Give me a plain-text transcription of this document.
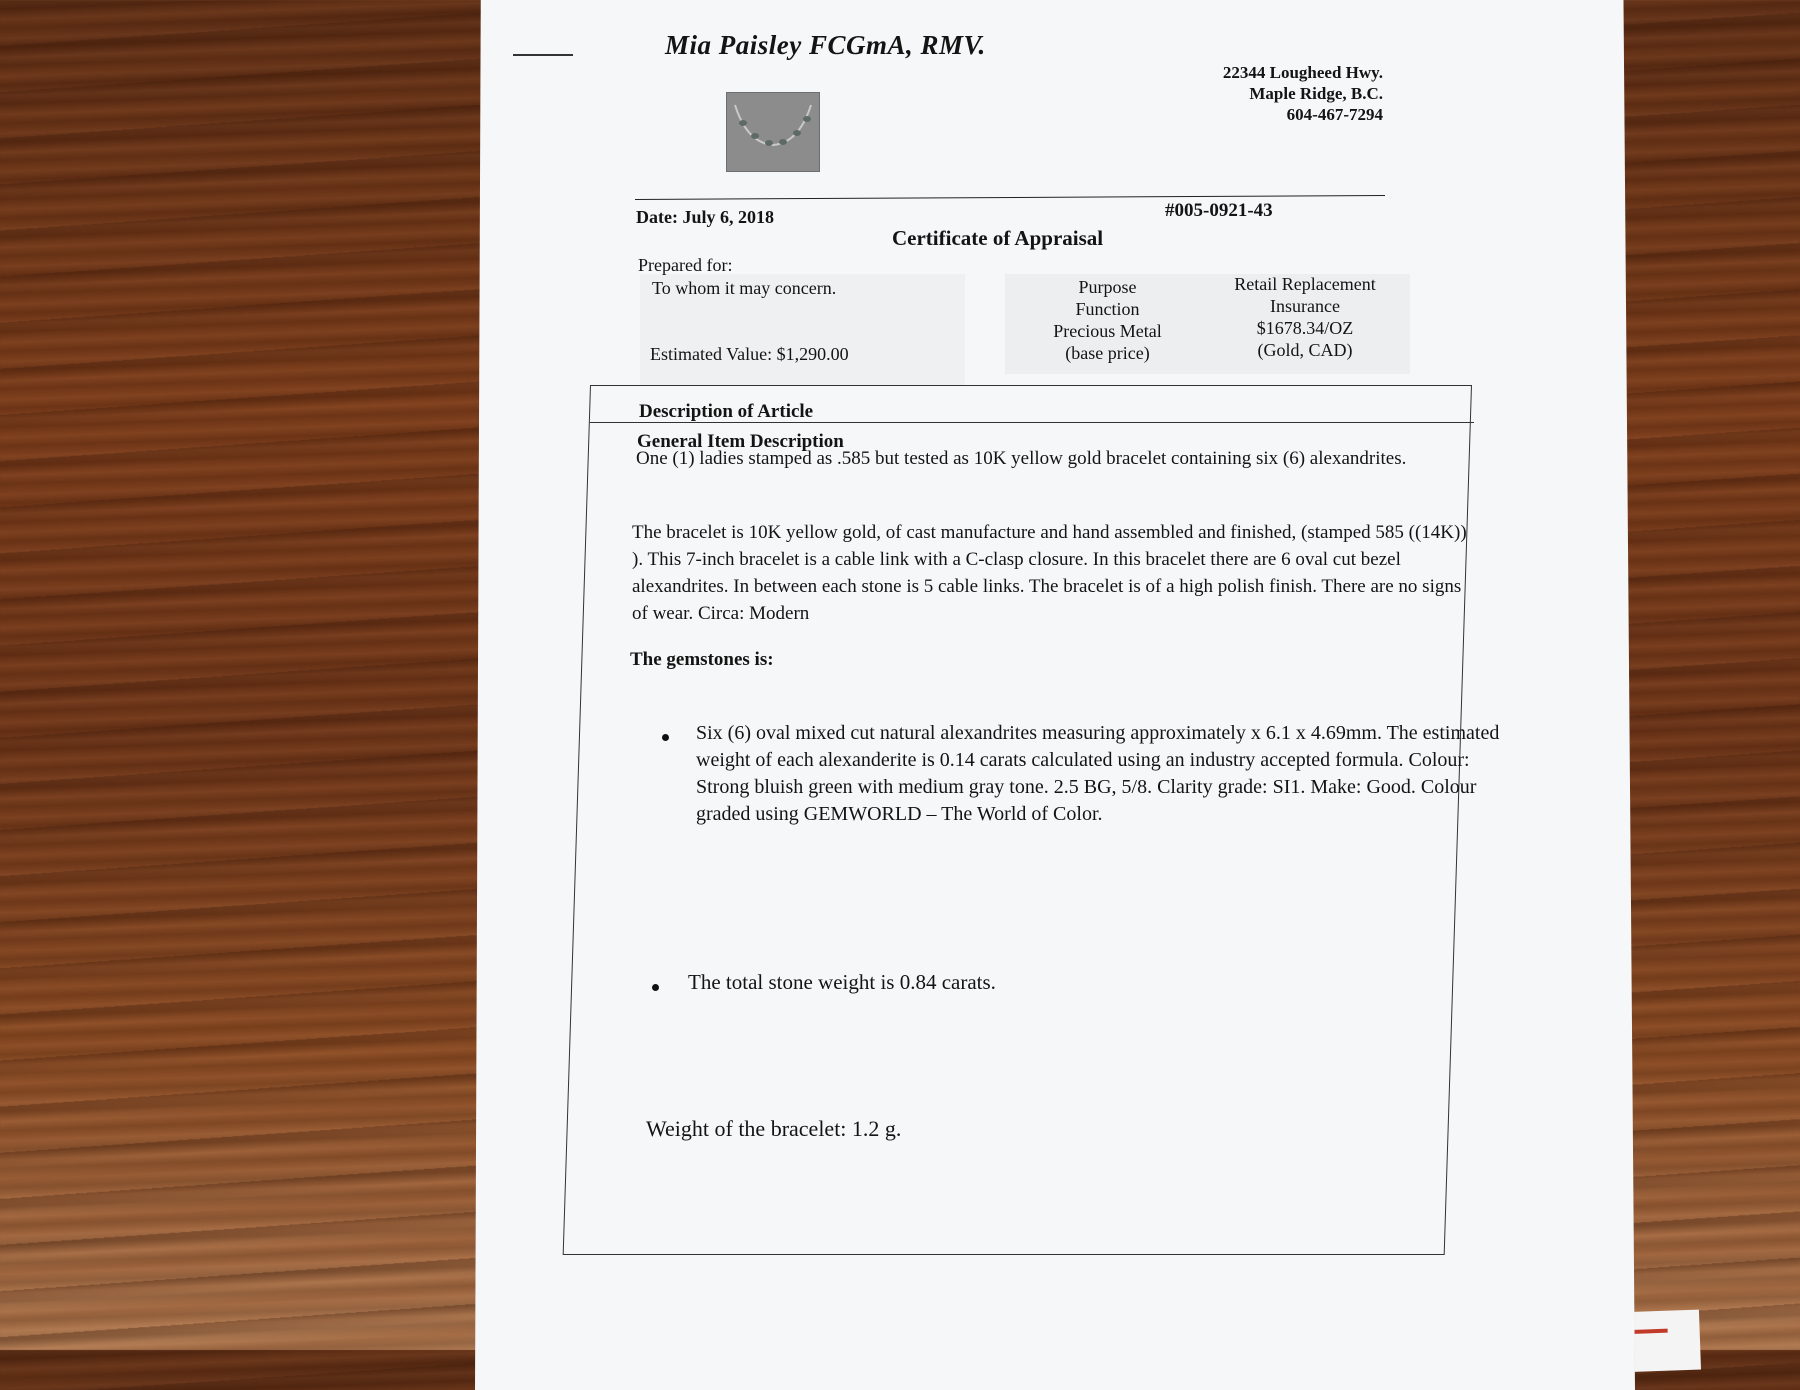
Mia Paisley FCGmA, RMV.
22344 Lougheed Hwy.
Maple Ridge, B.C.
604-467-7294
Date: July 6, 2018	#005-0921-43
Certificate of Appraisal
Prepared for:
To whom it may concern.
Estimated Value: $1,290.00
Purpose
Function
Precious Metal
(base price)
Retail Replacement
Insurance
$1678.34/OZ
(Gold, CAD)
Description of Article
General Item Description
One (1) ladies stamped as .585 but tested as 10K yellow gold bracelet containing six (6) alexandrites.
The bracelet is 10K yellow gold, of cast manufacture and hand assembled and finished, (stamped 585 ((14K)) ). This 7-inch bracelet is a cable link with a C-clasp closure. In this bracelet there are 6 oval cut bezel alexandrites. In between each stone is 5 cable links. The bracelet is of a high polish finish. There are no signs of wear. Circa: Modern
The gemstones is:
Six (6) oval mixed cut natural alexandrites measuring approximately x 6.1 x 4.69mm. The estimated weight of each alexanderite is 0.14 carats calculated using an industry accepted formula. Colour: Strong bluish green with medium gray tone. 2.5 BG, 5/8. Clarity grade: SI1. Make: Good. Colour graded using GEMWORLD – The World of Color.
The total stone weight is 0.84 carats.
Weight of the bracelet: 1.2 g.
